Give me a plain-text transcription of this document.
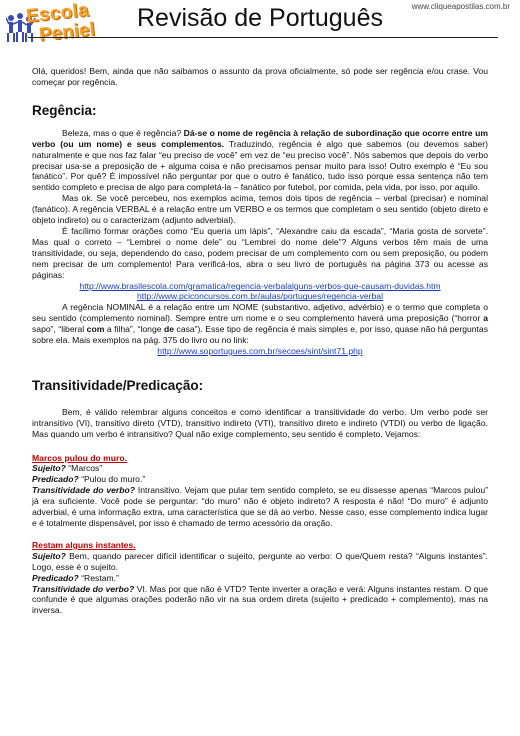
Escola
Peniel
www.cliqueapostilas.com.br
Revisão de Português

Olá, queridos! Bem, ainda que não saibamos o assunto da prova oficialmente, só pode ser regência e/ou crase. Vou começar por regência.

Regência:

Beleza, mas o que é regência? Dá-se o nome de regência à relação de subordinação que ocorre entre um verbo (ou um nome) e seus complementos. Traduzindo, regência é algo que sabemos (ou devemos saber) naturalmente e que nos faz falar “eu preciso de você” em vez de “eu preciso você”. Nós sabemos que depois do verbo precisar usa-se a preposição de + alguma coisa e não precisamos pensar muito para isso! Outro exemplo é “Eu sou fanático”. Por quê? É impossível não perguntar por que o outro é fanático, tudo isso porque essa sentença não tem sentido completo e precisa de algo para completá-la – fanático por futebol, por comida, pela vida, por isso, por aquilo.

Mas ok. Se você percebeu, nos exemplos acima, temos dois tipos de regência – verbal (precisar) e nominal (fanático). A regência VERBAL é a relação entre um VERBO e os termos que completam o seu sentido (objeto direto e objeto indireto) ou o caracterizam (adjunto adverbial).

É facílimo formar orações como “Eu queria um lápis”, “Alexandre caiu da escada”, “Maria gosta de sorvete”. Mas qual o correto – “Lembrei o nome dele” ou “Lembrei do nome dele”? Alguns verbos têm mais de uma transitividade, ou seja, dependendo do caso, podem precisar de um complemento com ou sem preposição, ou podem nem precisar de um complemento! Para verificá-los, abra o seu livro de português na página 373 ou acesse as páginas:

http://www.brasilescola.com/gramatica/regencia-verbalalguns-verbos-que-causam-duvidas.htm
http://www.pciconcursos.com.br/aulas/portugues/regencia-verbal

A regência NOMINAL é a relação entre um NOME (substantivo, adjetivo, advérbio) e o termo que completa o seu sentido (complemento nominal). Sempre entre um nome e o seu complemento haverá uma preposição (“horror a sapo”, “liberal com a filha”, “longe de casa”). Esse tipo de regência é mais simples e, por isso, quase não há perguntas sobre ela. Mais exemplos na pág. 375 do livro ou no link:

http://www.soportugues.com.br/secoes/sint/sint71.php
Transitividade/Predicação:

Bem, é válido relembrar alguns conceitos e como identificar a transitividade do verbo. Um verbo pode ser intransitivo (VI), transitivo direto (VTD), transitivo indireto (VTI), transitivo direto e indireto (VTDI) ou verbo de ligação. Mas quando um verbo é intransitivo? Qual não exige complemento, seu sentido é completo. Vejamos:

Marcos pulou do muro.

Sujeito? “Marcos”

Predicado? “Pulou do muro.”

Transitividade do verbo? Intransitivo. Vejam que pular tem sentido completo, se eu dissesse apenas “Marcos pulou” já era suficiente. Você pode se perguntar: “do muro” não é objeto indireto? A resposta é não! “Do muro” é adjunto adverbial, é uma informação extra, uma característica que se dá ao verbo. Nesse caso, esse complemento indica lugar e é totalmente dispensável, por isso é chamado de termo acessório da oração.

Restam alguns instantes.

Sujeito? Bem, quando parecer difícil identificar o sujeito, pergunte ao verbo: O que/Quem resta? “Alguns instantes”. Logo, esse é o sujeito.

Predicado? “Restam.”

Transitividade do verbo? VI. Mas por que não é VTD? Tente inverter a oração e verá: Alguns instantes restam. O que confunde é que algumas orações poderão não vir na sua ordem direta (sujeito + predicado + complemento), mas na inversa.
